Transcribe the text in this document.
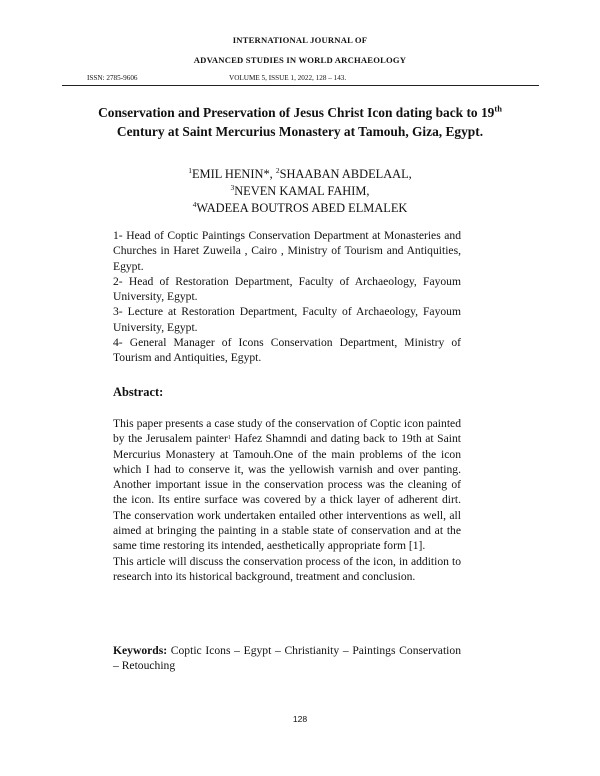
INTERNATIONAL JOURNAL OF
ADVANCED STUDIES IN WORLD ARCHAEOLOGY
ISSN: 2785-9606	VOLUME 5, ISSUE 1, 2022, 128 – 143.
Conservation and Preservation of Jesus Christ Icon dating back to 19th Century at Saint Mercurius Monastery at Tamouh, Giza, Egypt.
$^1$EMIL HENIN*, $^2$SHAABAN ABDELAAL,
$^3$NEVEN KAMAL FAHIM,
$^4$WADEEA BOUTROS ABED ELMALEK

1- Head of Coptic Paintings Conservation Department at Monasteries and Churches in Haret Zuweila , Cairo , Ministry of Tourism and Antiquities, Egypt.

2- Head of Restoration Department, Faculty of Archaeology, Fayoum University, Egypt.

3- Lecture at Restoration Department, Faculty of Archaeology, Fayoum University, Egypt.

4- General Manager of Icons Conservation Department, Ministry of Tourism and Antiquities, Egypt.

Abstract:

This paper presents a case study of the conservation of Coptic icon painted by the Jerusalem painter$^1$ Hafez Shamndi and dating back to 19th at Saint Mercurius Monastery at Tamouh.One of the main problems of the icon which I had to conserve it, was the yellowish varnish and over panting. Another important issue in the conservation process was the cleaning of the icon. Its entire surface was covered by a thick layer of adherent dirt. The conservation work undertaken entailed other interventions as well, all aimed at bringing the painting in a stable state of conservation and at the same time restoring its intended, aesthetically appropriate form [1].

This article will discuss the conservation process of the icon, in addition to research into its historical background, treatment and conclusion.

Keywords: Coptic Icons – Egypt – Christianity – Paintings Conservation – Retouching
128
